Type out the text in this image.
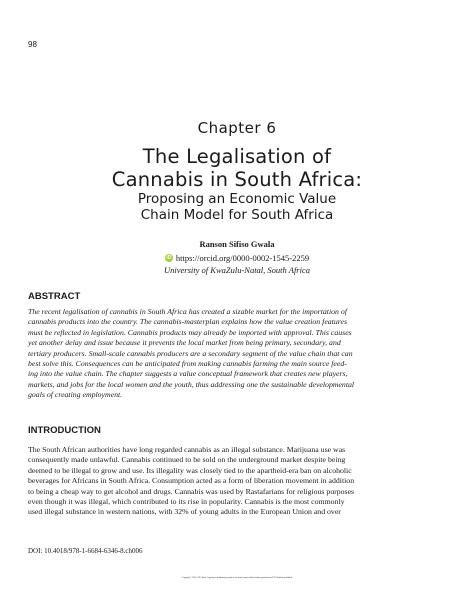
98
Chapter 6
The Legalisation of
Cannabis in South Africa:
Proposing an Economic Value
Chain Model for South Africa
Ranson Sifiso Gwala
iD https://orcid.org/0000-0002-1545-2259
University of KwaZulu-Natal, South Africa
ABSTRACT
The recent legalisation of cannabis in South Africa has created a sizable market for the importation of
cannabis products into the country. The cannabis-masterplan explains how the value creation features
must be reflected in legislation. Cannabis products may already be imported with approval. This causes
yet another delay and issue because it prevents the local market from being primary, secondary, and
tertiary producers. Small-scale cannabis producers are a secondary segment of the value chain that can
best solve this. Consequences can be anticipated from making cannabis farming the main source feed-
ing into the value chain. The chapter suggests a value conceptual framework that creates new players,
markets, and jobs for the local women and the youth, thus addressing one the sustainable developmental
goals of creating employment.
INTRODUCTION
The South African authorities have long regarded cannabis as an illegal substance. Marijuana use was
consequently made unlawful. Cannabis continued to be sold on the underground market despite being
deemed to be illegal to grow and use. Its illegality was closely tied to the apartheid-era ban on alcoholic
beverages for Africans in South Africa. Consumption acted as a form of liberation movement in addition
to being a cheap way to get alcohol and drugs. Cannabis was used by Rastafarians for religious purposes
even though it was illegal, which contributed to its rise in popularity. Cannabis is the most commonly
used illegal substance in western nations, with 32% of young adults in the European Union and over
DOI: 10.4018/978-1-6684-6346-8.ch006
Copyright © 2023, IGI Global. Copying or distributing in print or electronic forms without written permission of IGI Global is prohibited.
